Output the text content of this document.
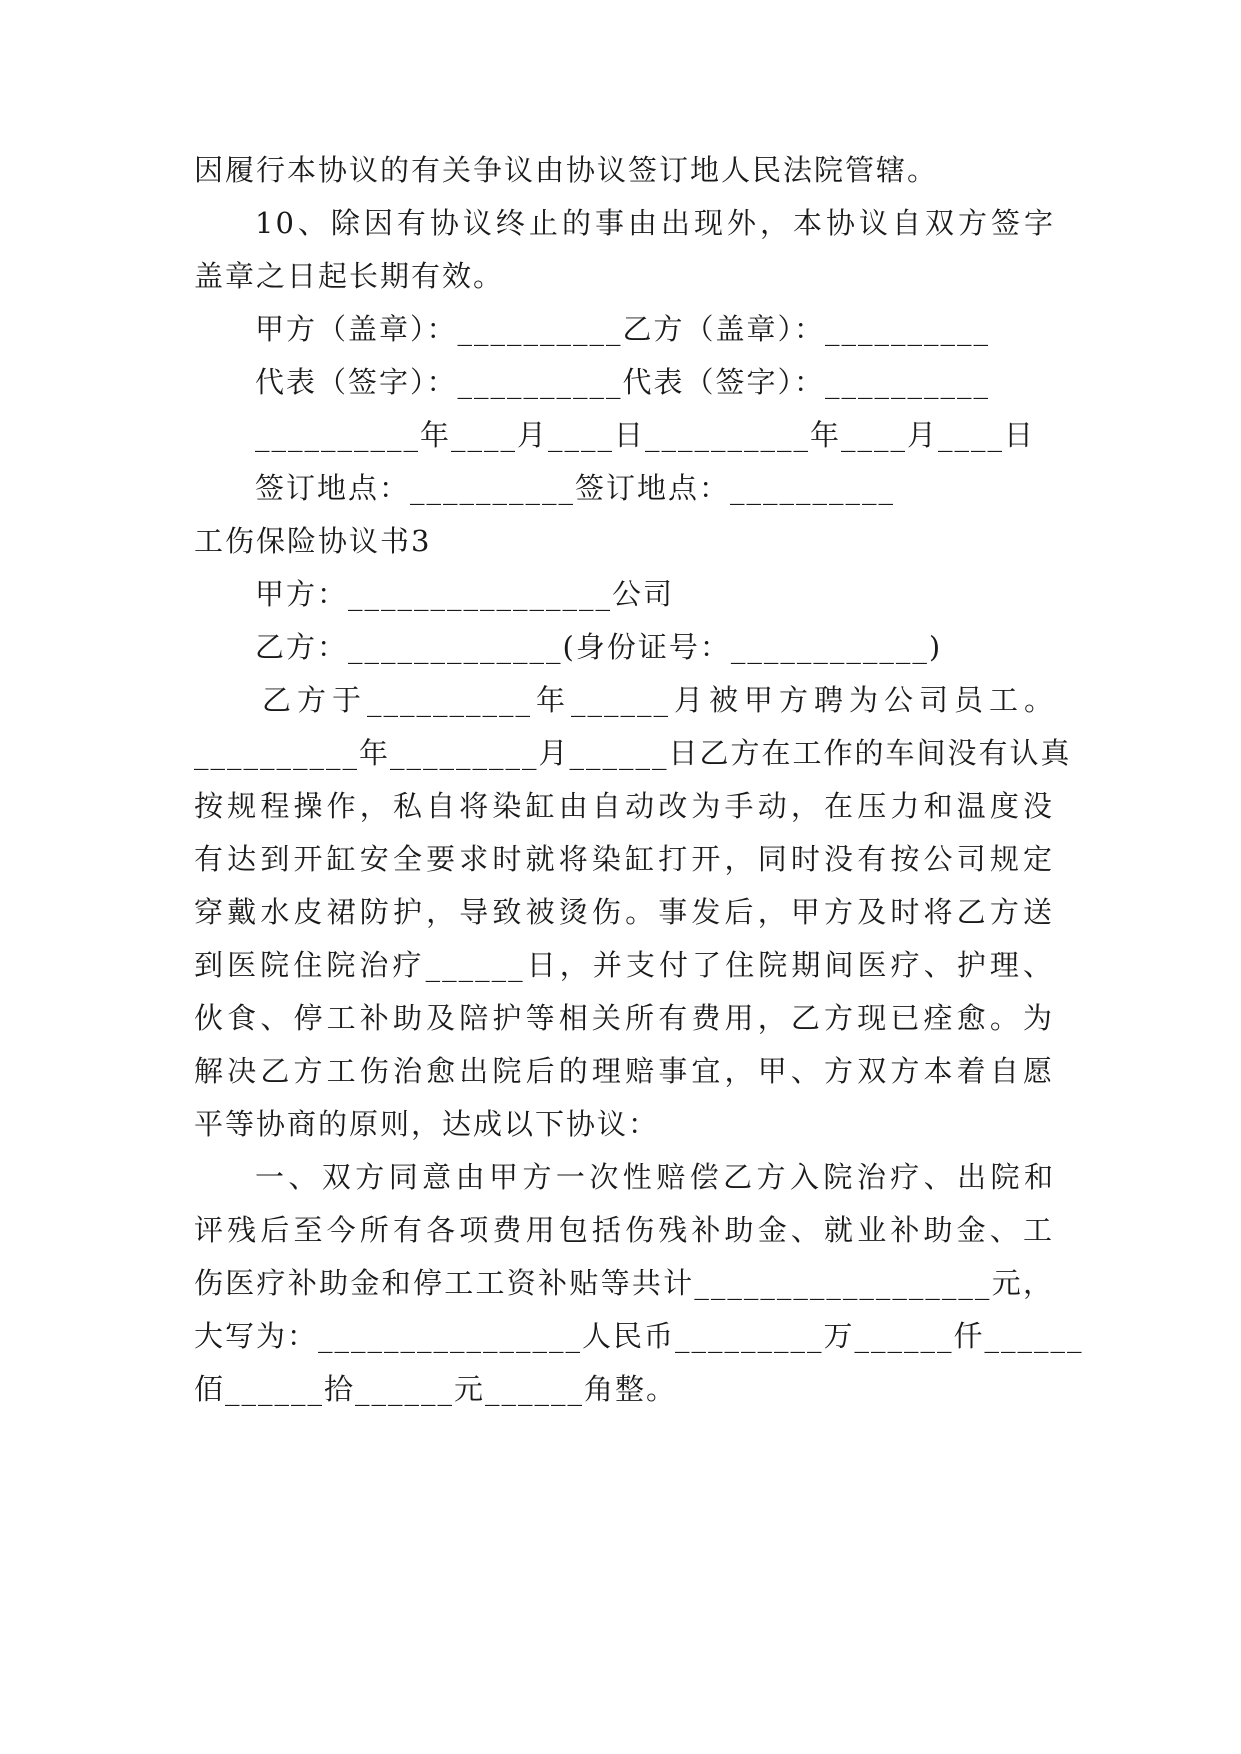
因履行本协议的有关争议由协议签订地人民法院管辖。
10、除因有协议终止的事由出现外，本协议自双方签字
盖章之日起长期有效。
甲方（盖章）：__________乙方（盖章）：__________
代表（签字）：__________代表（签字）：__________
__________年____月____日__________年____月____日
签订地点：__________签订地点：__________
工伤保险协议书3
甲方：________________公司
乙方：_____________(身份证号：____________)
乙方于__________年______月被甲方聘为公司员工。
__________年_________月______日乙方在工作的车间没有认真
按规程操作，私自将染缸由自动改为手动，在压力和温度没
有达到开缸安全要求时就将染缸打开，同时没有按公司规定
穿戴水皮裙防护，导致被烫伤。事发后，甲方及时将乙方送
到医院住院治疗______日，并支付了住院期间医疗、护理、
伙食、停工补助及陪护等相关所有费用，乙方现已痊愈。为
解决乙方工伤治愈出院后的理赔事宜，甲、方双方本着自愿
平等协商的原则，达成以下协议：
一、双方同意由甲方一次性赔偿乙方入院治疗、出院和
评残后至今所有各项费用包括伤残补助金、就业补助金、工
伤医疗补助金和停工工资补贴等共计__________________元，
大写为：________________人民币_________万______仟______
佰______拾______元______角整。
